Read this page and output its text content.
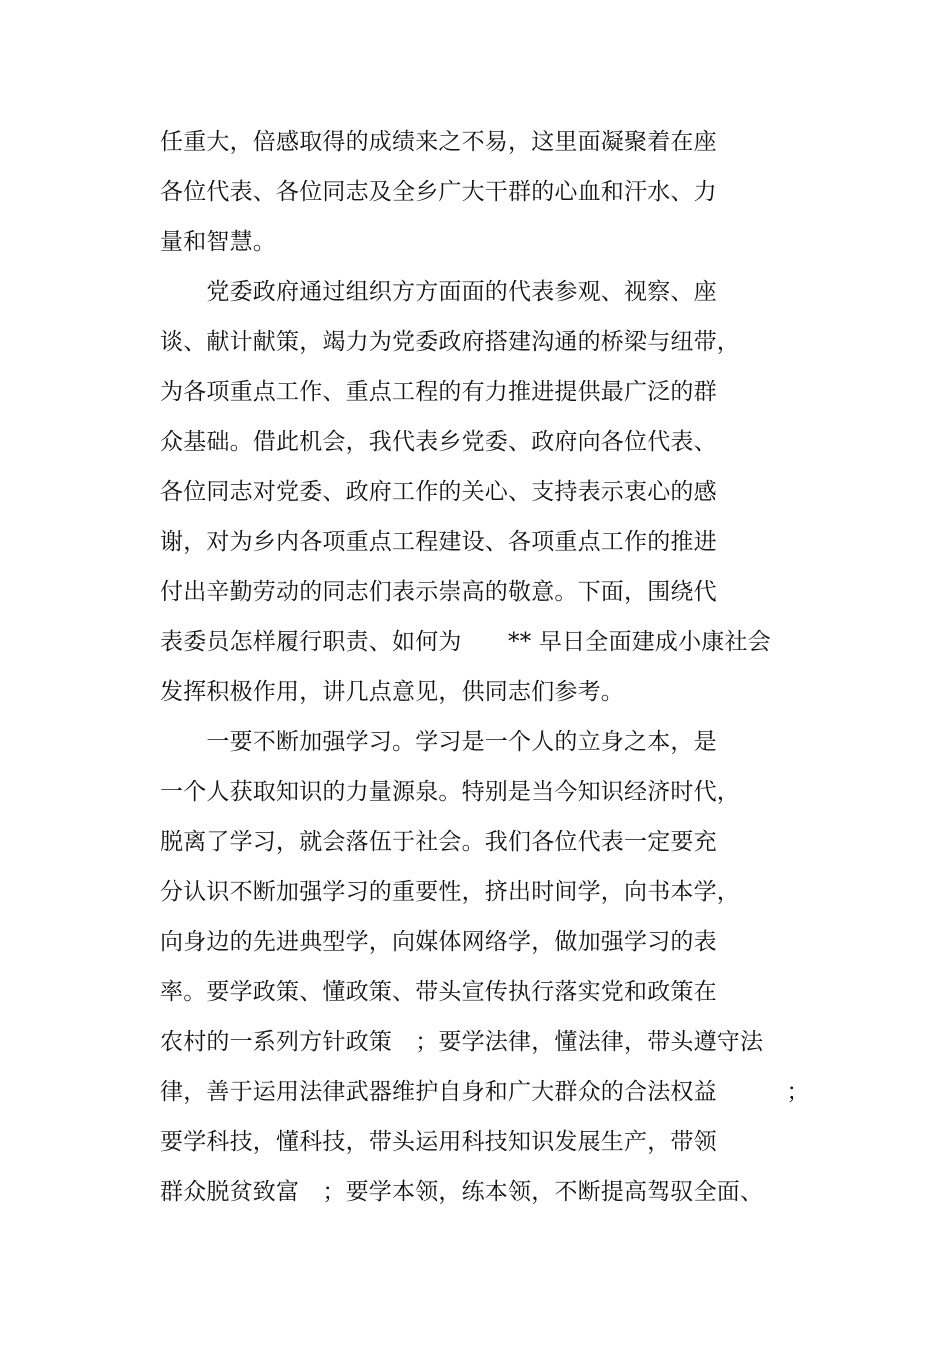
任重大，倍感取得的成绩来之不易，这里面凝聚着在座
各位代表、各位同志及全乡广大干群的心血和汗水、力
量和智慧。
　　党委政府通过组织方方面面的代表参观、视察、座
谈、献计献策，竭力为党委政府搭建沟通的桥梁与纽带，
为各项重点工作、重点工程的有力推进提供最广泛的群
众基础。借此机会，我代表乡党委、政府向各位代表、
各位同志对党委、政府工作的关心、支持表示衷心的感
谢，对为乡内各项重点工程建设、各项重点工作的推进
付出辛勤劳动的同志们表示崇高的敬意。下面，围绕代
表委员怎样履行职责、如何为　　** 早日全面建成小康社会
发挥积极作用，讲几点意见，供同志们参考。
　　一要不断加强学习。学习是一个人的立身之本，是
一个人获取知识的力量源泉。特别是当今知识经济时代，
脱离了学习，就会落伍于社会。我们各位代表一定要充
分认识不断加强学习的重要性，挤出时间学，向书本学，
向身边的先进典型学，向媒体网络学，做加强学习的表
率。要学政策、懂政策、带头宣传执行落实党和政策在
农村的一系列方针政策　；要学法律，懂法律，带头遵守法
律，善于运用法律武器维护自身和广大群众的合法权益　　　；
要学科技，懂科技，带头运用科技知识发展生产，带领
群众脱贫致富　；要学本领，练本领，不断提高驾驭全面、
